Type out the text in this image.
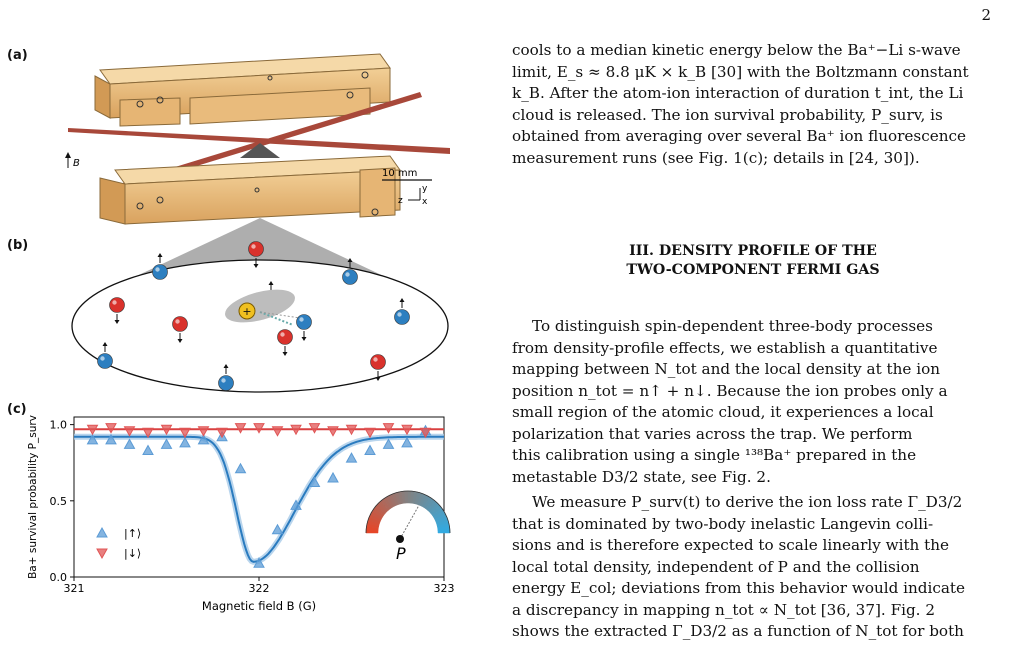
2
(a)
(b)
(c)
B
10 mm
z
y
x
+
321	322	323
0.0
0.5
1.0
Magnetic field B (G)
Ba+ survival probability P_surv	|↑⟩
|↓⟩	P

cools to a median kinetic energy below the Ba⁺−Li s-wave

limit, E_s ≈ 8.8 μK × k_B [30] with the Boltzmann constant

k_B. After the atom-ion interaction of duration t_int, the Li

cloud is released. The ion survival probability, P_surv, is

obtained from averaging over several Ba⁺ ion fluorescence

measurement runs (see Fig. 1(c); details in [24, 30]).

III. DENSITY PROFILE OF THE
TWO-COMPONENT FERMI GAS

To distinguish spin-dependent three-body processes

from density-profile effects, we establish a quantitative

mapping between N_tot and the local density at the ion

position n_tot = n↑ + n↓. Because the ion probes only a

small region of the atomic cloud, it experiences a local

polarization that varies across the trap. We perform

this calibration using a single ¹³⁸Ba⁺ prepared in the

metastable D3/2 state, see Fig. 2.

We measure P_surv(t) to derive the ion loss rate Γ_D3/2

that is dominated by two-body inelastic Langevin colli-

sions and is therefore expected to scale linearly with the

local total density, independent of P and the collision

energy E_col; deviations from this behavior would indicate

a discrepancy in mapping n_tot ∝ N_tot [36, 37]. Fig. 2

shows the extracted Γ_D3/2 as a function of N_tot for both
